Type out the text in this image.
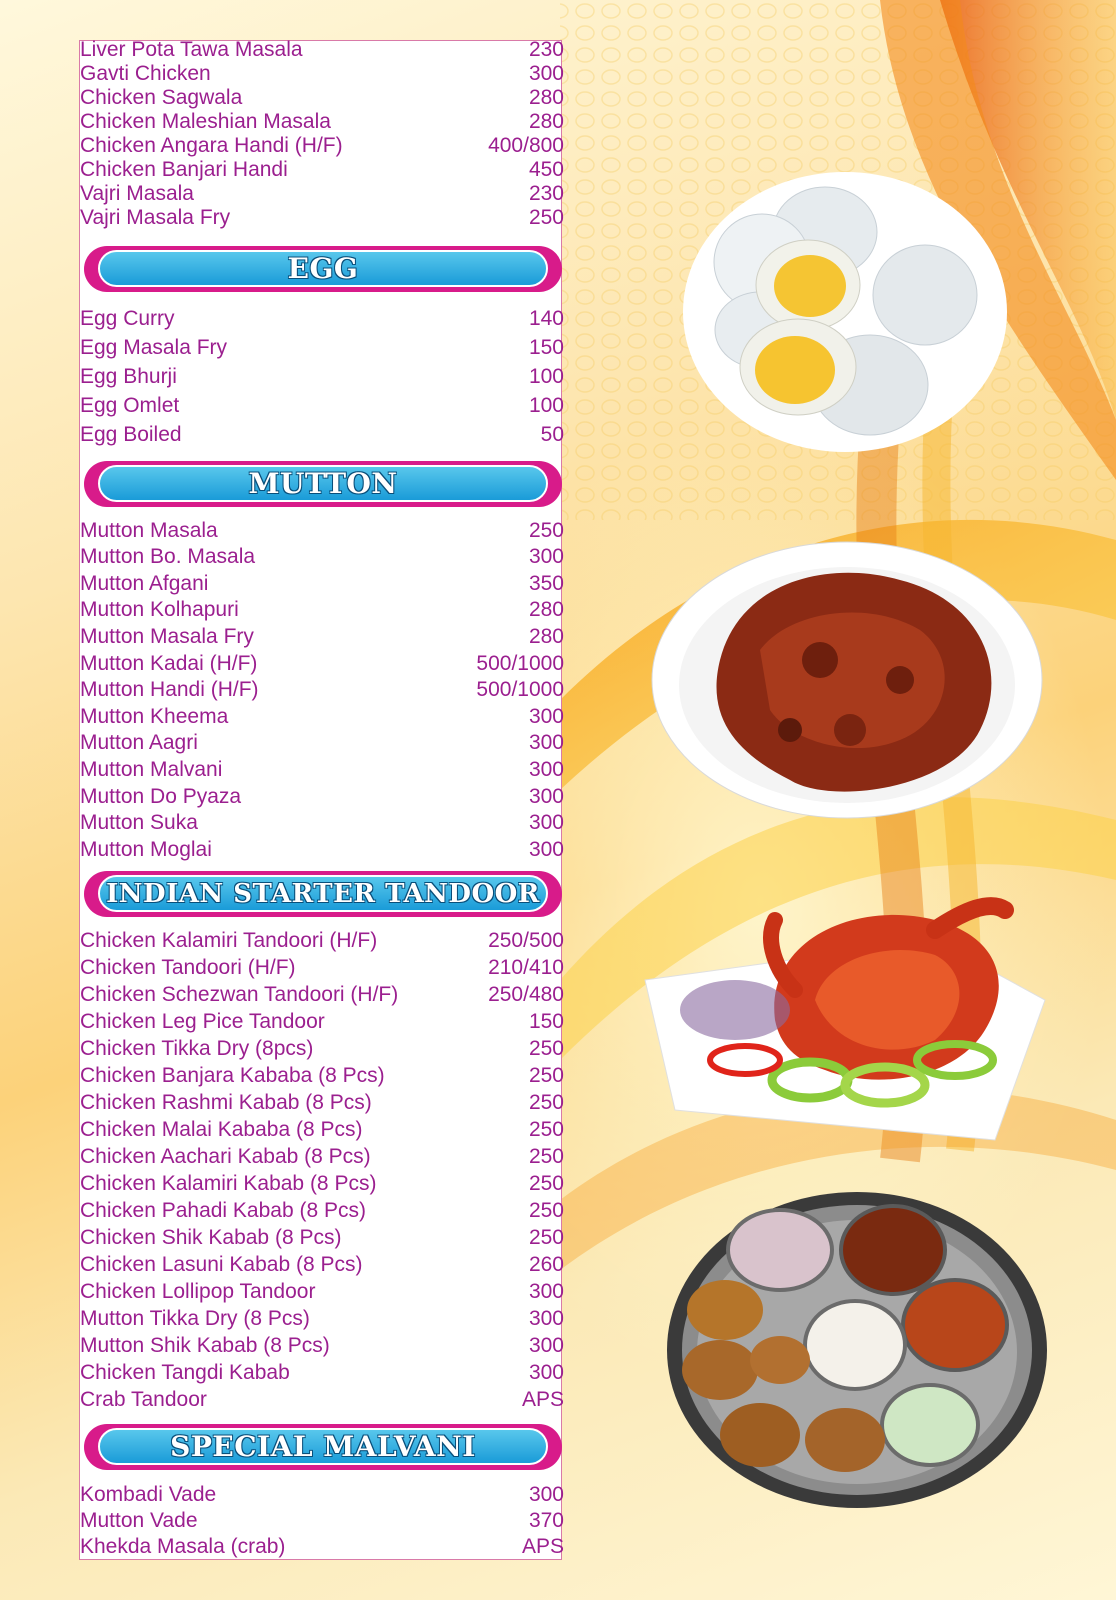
Liver Pota Tawa Masala	230
Gavti Chicken	300
Chicken Sagwala	280
Chicken Maleshian Masala	280
Chicken Angara Handi (H/F)	400/800
Chicken Banjari Handi	450
Vajri Masala	230
Vajri Masala Fry	250
EGG
Egg Curry	140
Egg Masala Fry	150
Egg Bhurji	100
Egg Omlet	100
Egg Boiled	50
MUTTON
Mutton Masala	250
Mutton Bo. Masala	300
Mutton Afgani	350
Mutton Kolhapuri	280
Mutton Masala Fry	280
Mutton Kadai (H/F)	500/1000
Mutton Handi (H/F)	500/1000
Mutton Kheema	300
Mutton Aagri	300
Mutton Malvani	300
Mutton Do Pyaza	300
Mutton Suka	300
Mutton Moglai	300
INDIAN STARTER TANDOOR
Chicken Kalamiri Tandoori (H/F)	250/500
Chicken Tandoori (H/F)	210/410
Chicken Schezwan Tandoori (H/F)	250/480
Chicken Leg Pice Tandoor	150
Chicken Tikka Dry (8pcs)	250
Chicken Banjara Kababa (8 Pcs)	250
Chicken Rashmi Kabab (8 Pcs)	250
Chicken Malai Kababa (8 Pcs)	250
Chicken Aachari Kabab (8 Pcs)	250
Chicken Kalamiri Kabab (8 Pcs)	250
Chicken Pahadi Kabab (8 Pcs)	250
Chicken Shik Kabab (8 Pcs)	250
Chicken Lasuni Kabab (8 Pcs)	260
Chicken Lollipop Tandoor	300
Mutton Tikka Dry (8 Pcs)	300
Mutton Shik Kabab (8 Pcs)	300
Chicken Tangdi Kabab	300
Crab Tandoor	APS
SPECIAL MALVANI
Kombadi Vade	300
Mutton Vade	370
Khekda Masala (crab)	APS
